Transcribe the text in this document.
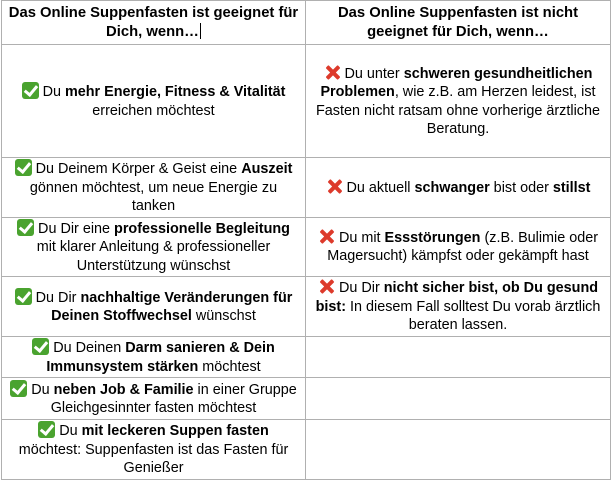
Das Online Suppenfasten ist geeignet für Dich, wenn…	Das Online Suppenfasten ist nicht geeignet für Dich, wenn…
Du mehr Energie, Fitness & Vitalität erreichen möchtest	Du unter schweren gesundheitlichen Problemen, wie z.B. am Herzen leidest, ist Fasten nicht ratsam ohne vorherige ärztliche Beratung.
Du Deinem Körper & Geist eine Auszeit gönnen möchtest, um neue Energie zu tanken	Du aktuell schwanger bist oder stillst
Du Dir eine professionelle Begleitung mit klarer Anleitung & professioneller Unterstützung wünschst	Du mit Essstörungen (z.B. Bulimie oder Magersucht) kämpfst oder gekämpft hast
Du Dir nachhaltige Veränderungen für Deinen Stoffwechsel wünschst	Du Dir nicht sicher bist, ob Du gesund bist: In diesem Fall solltest Du vorab ärztlich beraten lassen.
Du Deinen Darm sanieren & Dein Immunsystem stärken möchtest	
Du neben Job & Familie in einer Gruppe Gleichgesinnter fasten möchtest	
Du mit leckeren Suppen fasten möchtest: Suppenfasten ist das Fasten für Genießer	
